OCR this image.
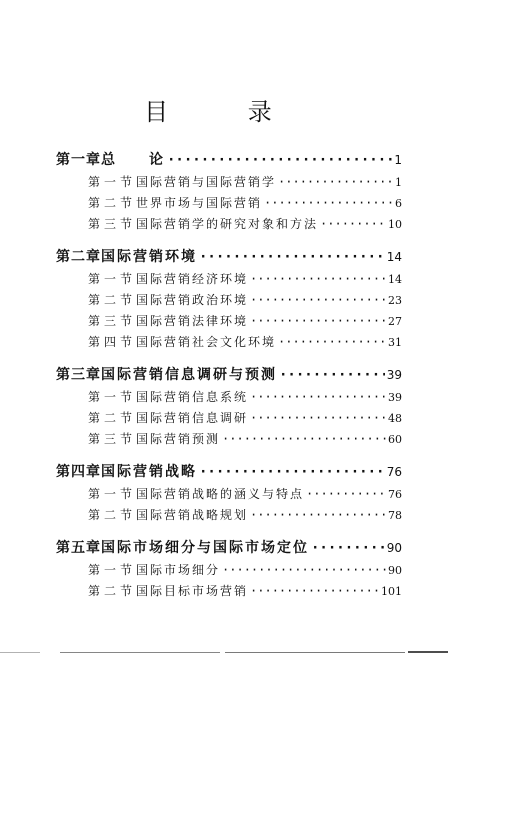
目 录
第一章 总　　论 ·····	1
第一节 国际营销与国际营销学 ·····	1
第二节 世界市场与国际营销 ·····	6
第三节 国际营销学的研究对象和方法 ·····	10
第二章 国际营销环境 ·····	14
第一节 国际营销经济环境 ·····	14
第二节 国际营销政治环境 ·····	23
第三节 国际营销法律环境 ·····	27
第四节 国际营销社会文化环境 ·····	31
第三章 国际营销信息调研与预测 ·····	39
第一节 国际营销信息系统 ·····	39
第二节 国际营销信息调研 ·····	48
第三节 国际营销预测 ·····	60
第四章 国际营销战略 ·····	76
第一节 国际营销战略的涵义与特点 ·····	76
第二节 国际营销战略规划 ·····	78
第五章 国际市场细分与国际市场定位 ·····	90
第一节 国际市场细分 ·····	90
第二节 国际目标市场营销 ·····	101
